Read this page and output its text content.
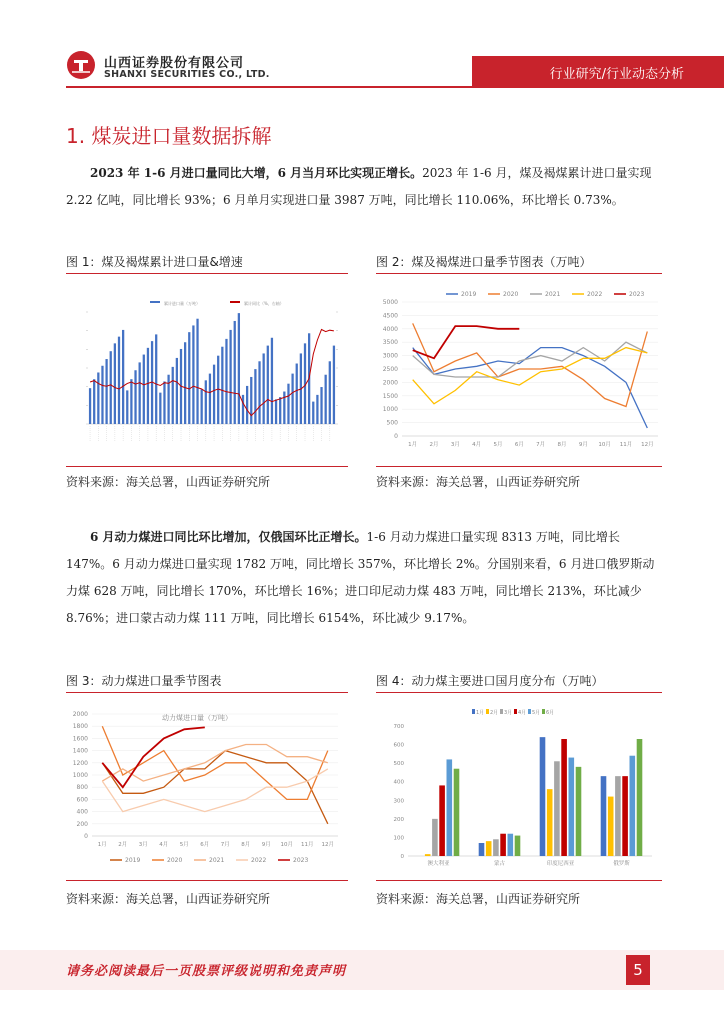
山西证券股份有限公司
SHANXI SECURITIES CO., LTD.	行业研究/行业动态分析
1. 煤炭进口量数据拆解

2023 年 1-6 月进口量同比大增，6 月当月环比实现正增长。2023 年 1-6 月，煤及褐煤累计进口量实现 2.22 亿吨，同比增长 93%；6 月单月实现进口量 3987 万吨，同比增长 110.06%，环比增长 0.73%。

图 1：煤及褐煤累计进口量&增速	图 2：煤及褐煤进口量季节图表（万吨）
累计进口量（万吨）	累计同比（%，右轴）
0
500
1000
1500
2000
2500
3000
3500
4000
4500
5000
1月 2月 3月 4月 5月 6月 7月 8月 9月 10月 11月 12月
2019	2020	2021	2022	2023
资料来源：海关总署，山西证券研究所	资料来源：海关总署，山西证券研究所

6 月动力煤进口同比环比增加，仅俄国环比正增长。1-6 月动力煤进口量实现 8313 万吨，同比增长 147%。6 月动力煤进口量实现 1782 万吨，同比增长 357%，环比增长 2%。分国别来看，6 月进口俄罗斯动力煤 628 万吨，同比增长 170%，环比增长 16%；进口印尼动力煤 483 万吨，同比增长 213%，环比减少 8.76%；进口蒙古动力煤 111 万吨，同比增长 6154%，环比减少 9.17%。

图 3：动力煤进口量季节图表	图 4：动力煤主要进口国月度分布（万吨）
0
200
400
600
800
1000
1200
1400
1600
1800
2000
1月 2月 3月 4月 5月 6月 7月 8月 9月 10月 11月 12月
2019	2020	2021	2022	2023
动力煤进口量（万吨）
0
100
200
300
400
500
600
700
澳大利亚	蒙古	印度尼西亚	俄罗斯
1月 2月 3月 4月 5月 6月
资料来源：海关总署，山西证券研究所	资料来源：海关总署，山西证券研究所
请务必阅读最后一页股票评级说明和免责声明	5
